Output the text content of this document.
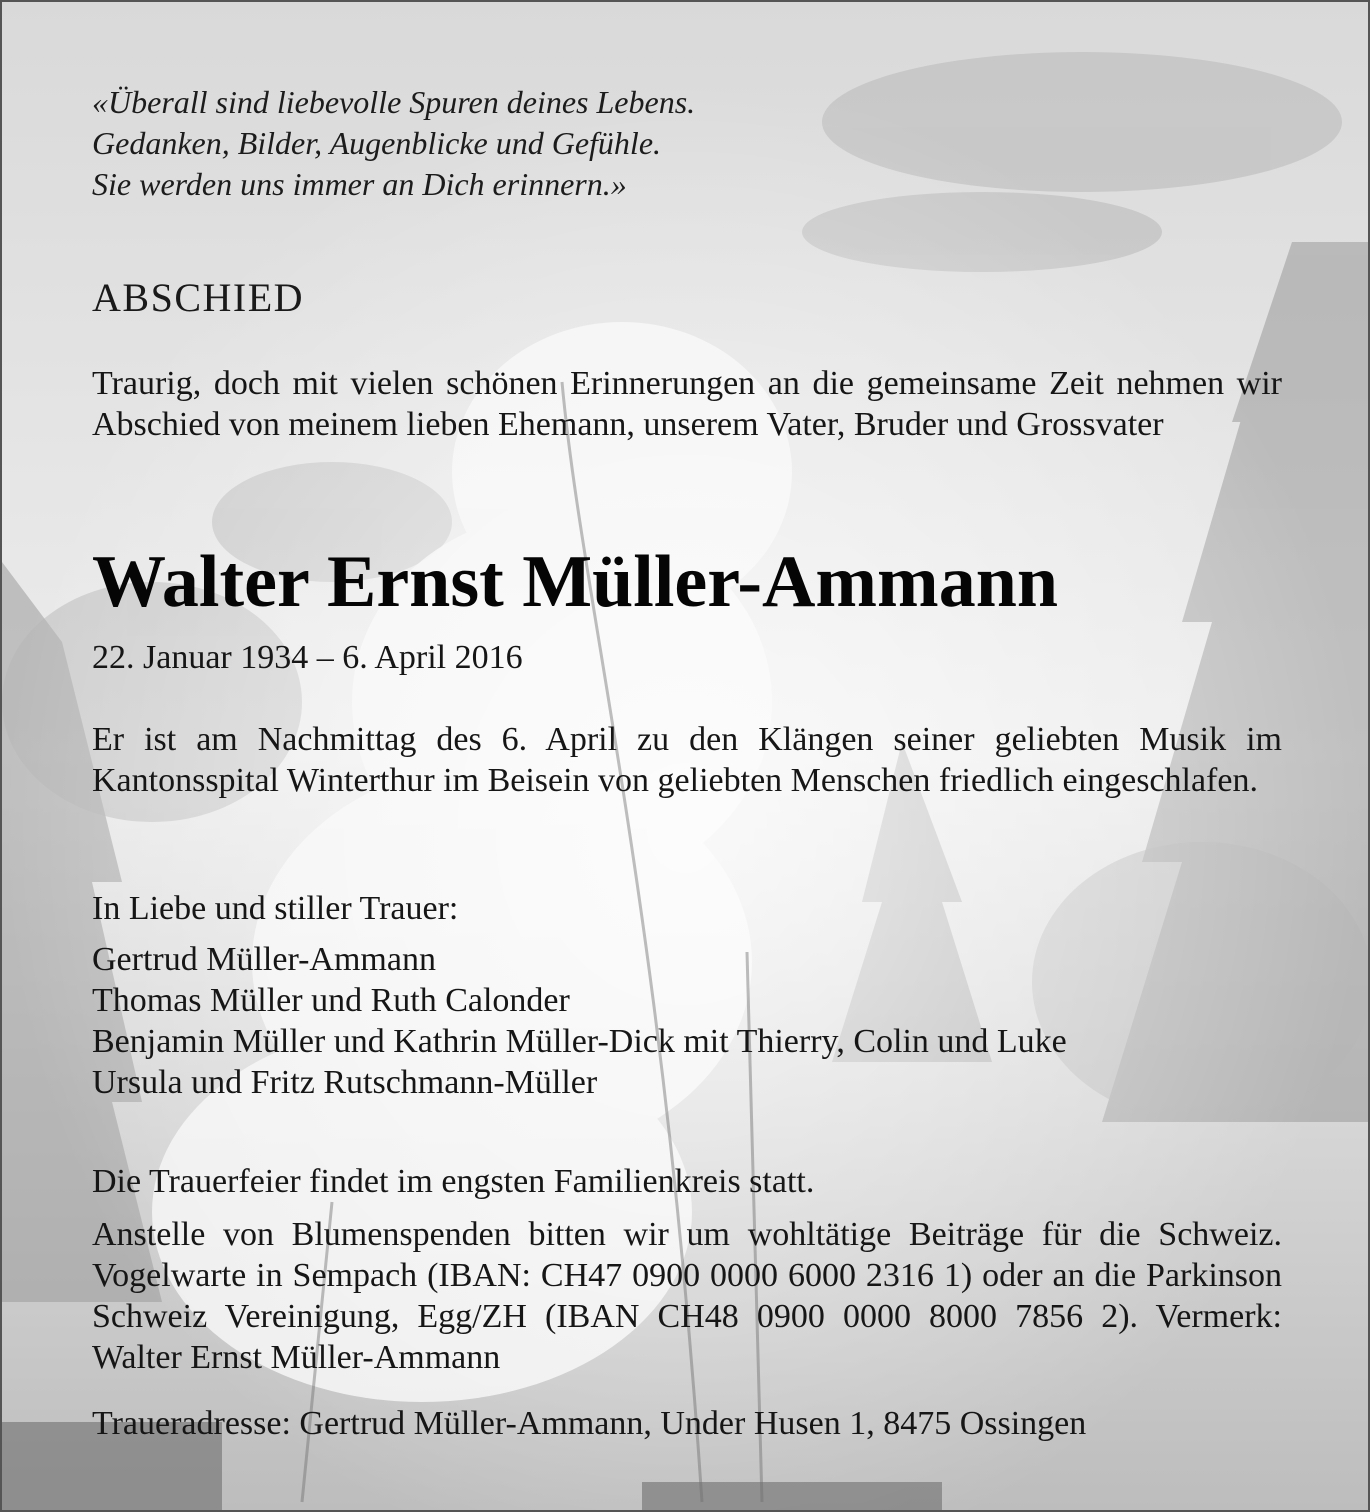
«Überall sind liebevolle Spuren deines Lebens.
Gedanken, Bilder, Augenblicke und Gefühle.
Sie werden uns immer an Dich erinnern.»
ABSCHIED
Traurig, doch mit vielen schönen Erinnerungen an die gemeinsame Zeit nehmen wir Abschied von meinem lieben Ehemann, unserem Vater, Bruder und Grossvater
Walter Ernst Müller-Ammann
22. Januar 1934 – 6. April 2016
Er ist am Nachmittag des 6. April zu den Klängen seiner geliebten Musik im Kantonsspital Winterthur im Beisein von geliebten Menschen friedlich eingeschlafen.
In Liebe und stiller Trauer:
Gertrud Müller-Ammann
Thomas Müller und Ruth Calonder
Benjamin Müller und Kathrin Müller-Dick mit Thierry, Colin und Luke
Ursula und Fritz Rutschmann-Müller
Die Trauerfeier findet im engsten Familienkreis statt.
Anstelle von Blumenspenden bitten wir um wohltätige Beiträge für die Schweiz. Vogelwarte in Sempach (IBAN: CH47 0900 0000 6000 2316 1) oder an die Parkinson Schweiz Vereinigung, Egg/ZH (IBAN CH48 0900 0000 8000 7856 2). Vermerk: Walter Ernst Müller-Ammann
Traueradresse: Gertrud Müller-Ammann, Under Husen 1, 8475 Ossingen
